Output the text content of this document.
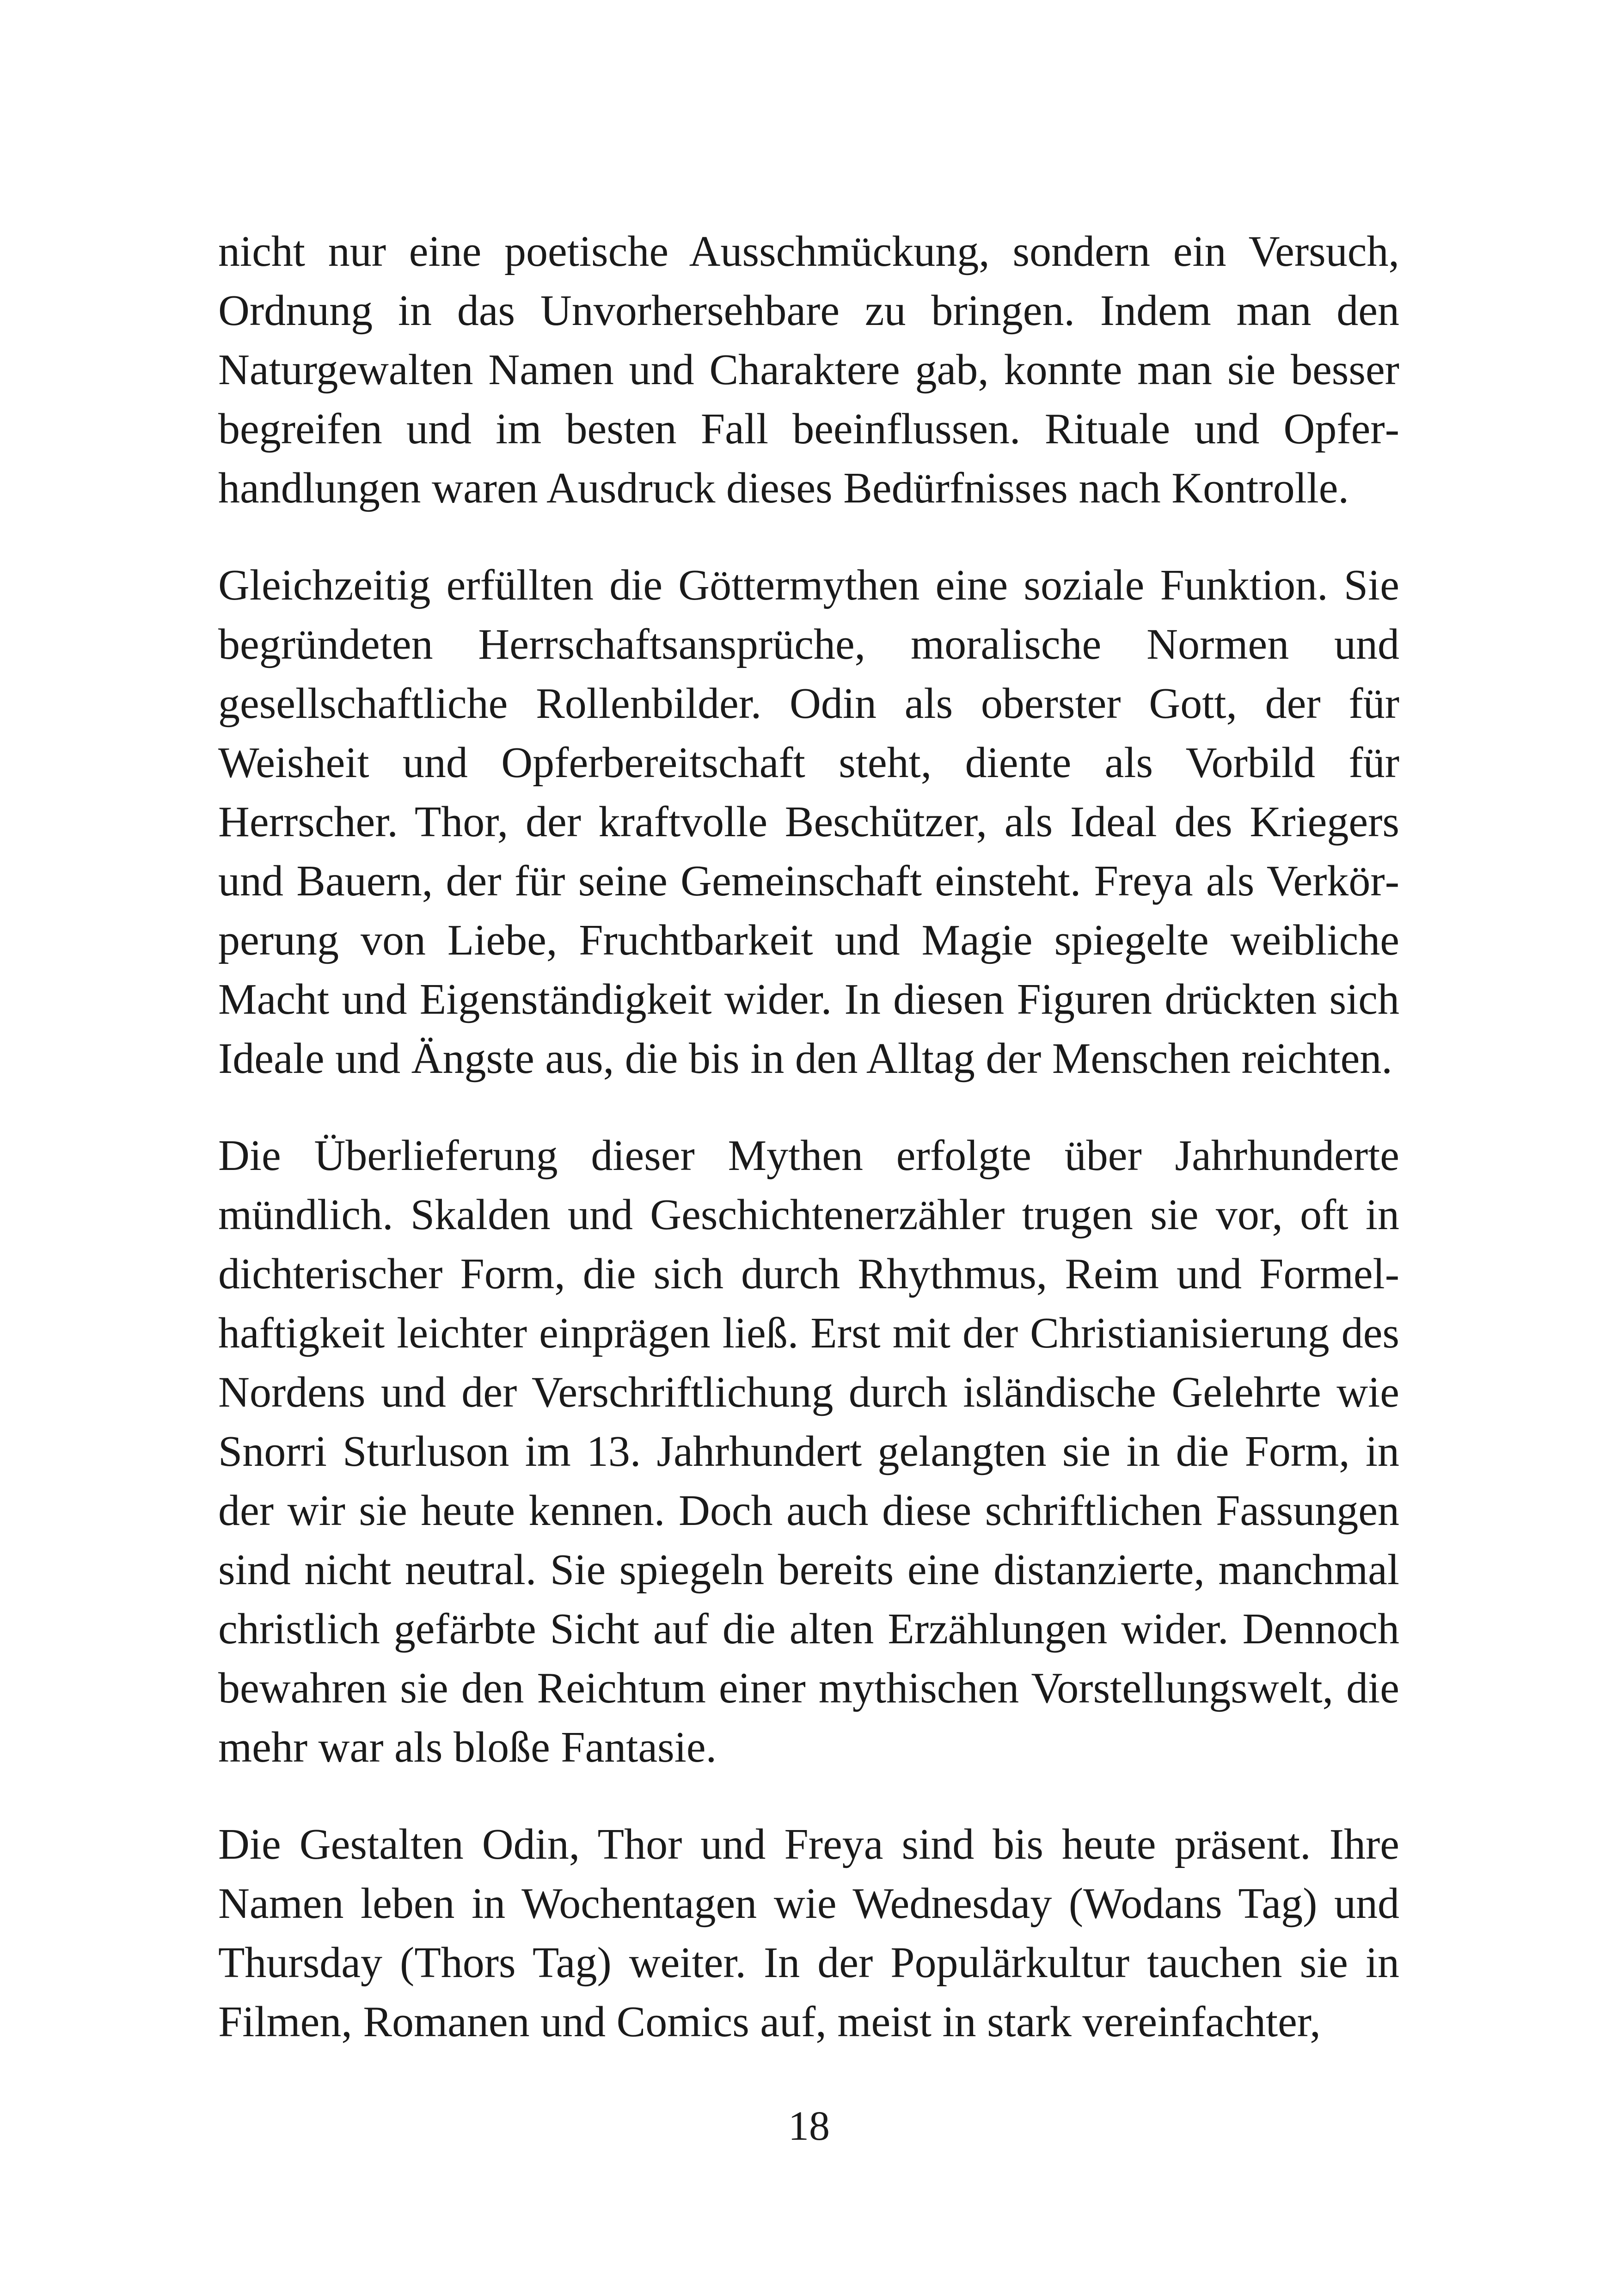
nicht nur eine poetische Ausschmückung, sondern ein Versuch, Ordnung in das Unvorhersehbare zu bringen. Indem man den Naturgewalten Namen und Charaktere gab, konnte man sie besser begreifen und im besten Fall beeinflussen. Rituale und Opferhandlungen waren Ausdruck dieses Bedürfnisses nach Kontrolle.

Gleichzeitig erfüllten die Göttermythen eine soziale Funktion. Sie begründeten Herrschaftsansprüche, moralische Normen und gesellschaftliche Rollenbilder. Odin als oberster Gott, der für Weisheit und Opferbereitschaft steht, diente als Vorbild für Herrscher. Thor, der kraftvolle Beschützer, als Ideal des Kriegers und Bauern, der für seine Gemeinschaft einsteht. Freya als Verkörperung von Liebe, Fruchtbarkeit und Magie spiegelte weibliche Macht und Eigenständigkeit wider. In diesen Figuren drückten sich Ideale und Ängste aus, die bis in den Alltag der Menschen reichten.

Die Überlieferung dieser Mythen erfolgte über Jahrhunderte mündlich. Skalden und Geschichtenerzähler trugen sie vor, oft in dichterischer Form, die sich durch Rhythmus, Reim und Formelhaftigkeit leichter einprägen ließ. Erst mit der Christianisierung des Nordens und der Verschriftlichung durch isländische Gelehrte wie Snorri Sturluson im 13. Jahrhundert gelangten sie in die Form, in der wir sie heute kennen. Doch auch diese schriftlichen Fassungen sind nicht neutral. Sie spiegeln bereits eine distanzierte, manchmal christlich gefärbte Sicht auf die alten Erzählungen wider. Dennoch bewahren sie den Reichtum einer mythischen Vorstellungswelt, die mehr war als bloße Fantasie.

Die Gestalten Odin, Thor und Freya sind bis heute präsent. Ihre Namen leben in Wochentagen wie Wednesday (Wodans Tag) und Thursday (Thors Tag) weiter. In der Populärkultur tauchen sie in Filmen, Romanen und Comics auf, meist in stark vereinfachter,

18
